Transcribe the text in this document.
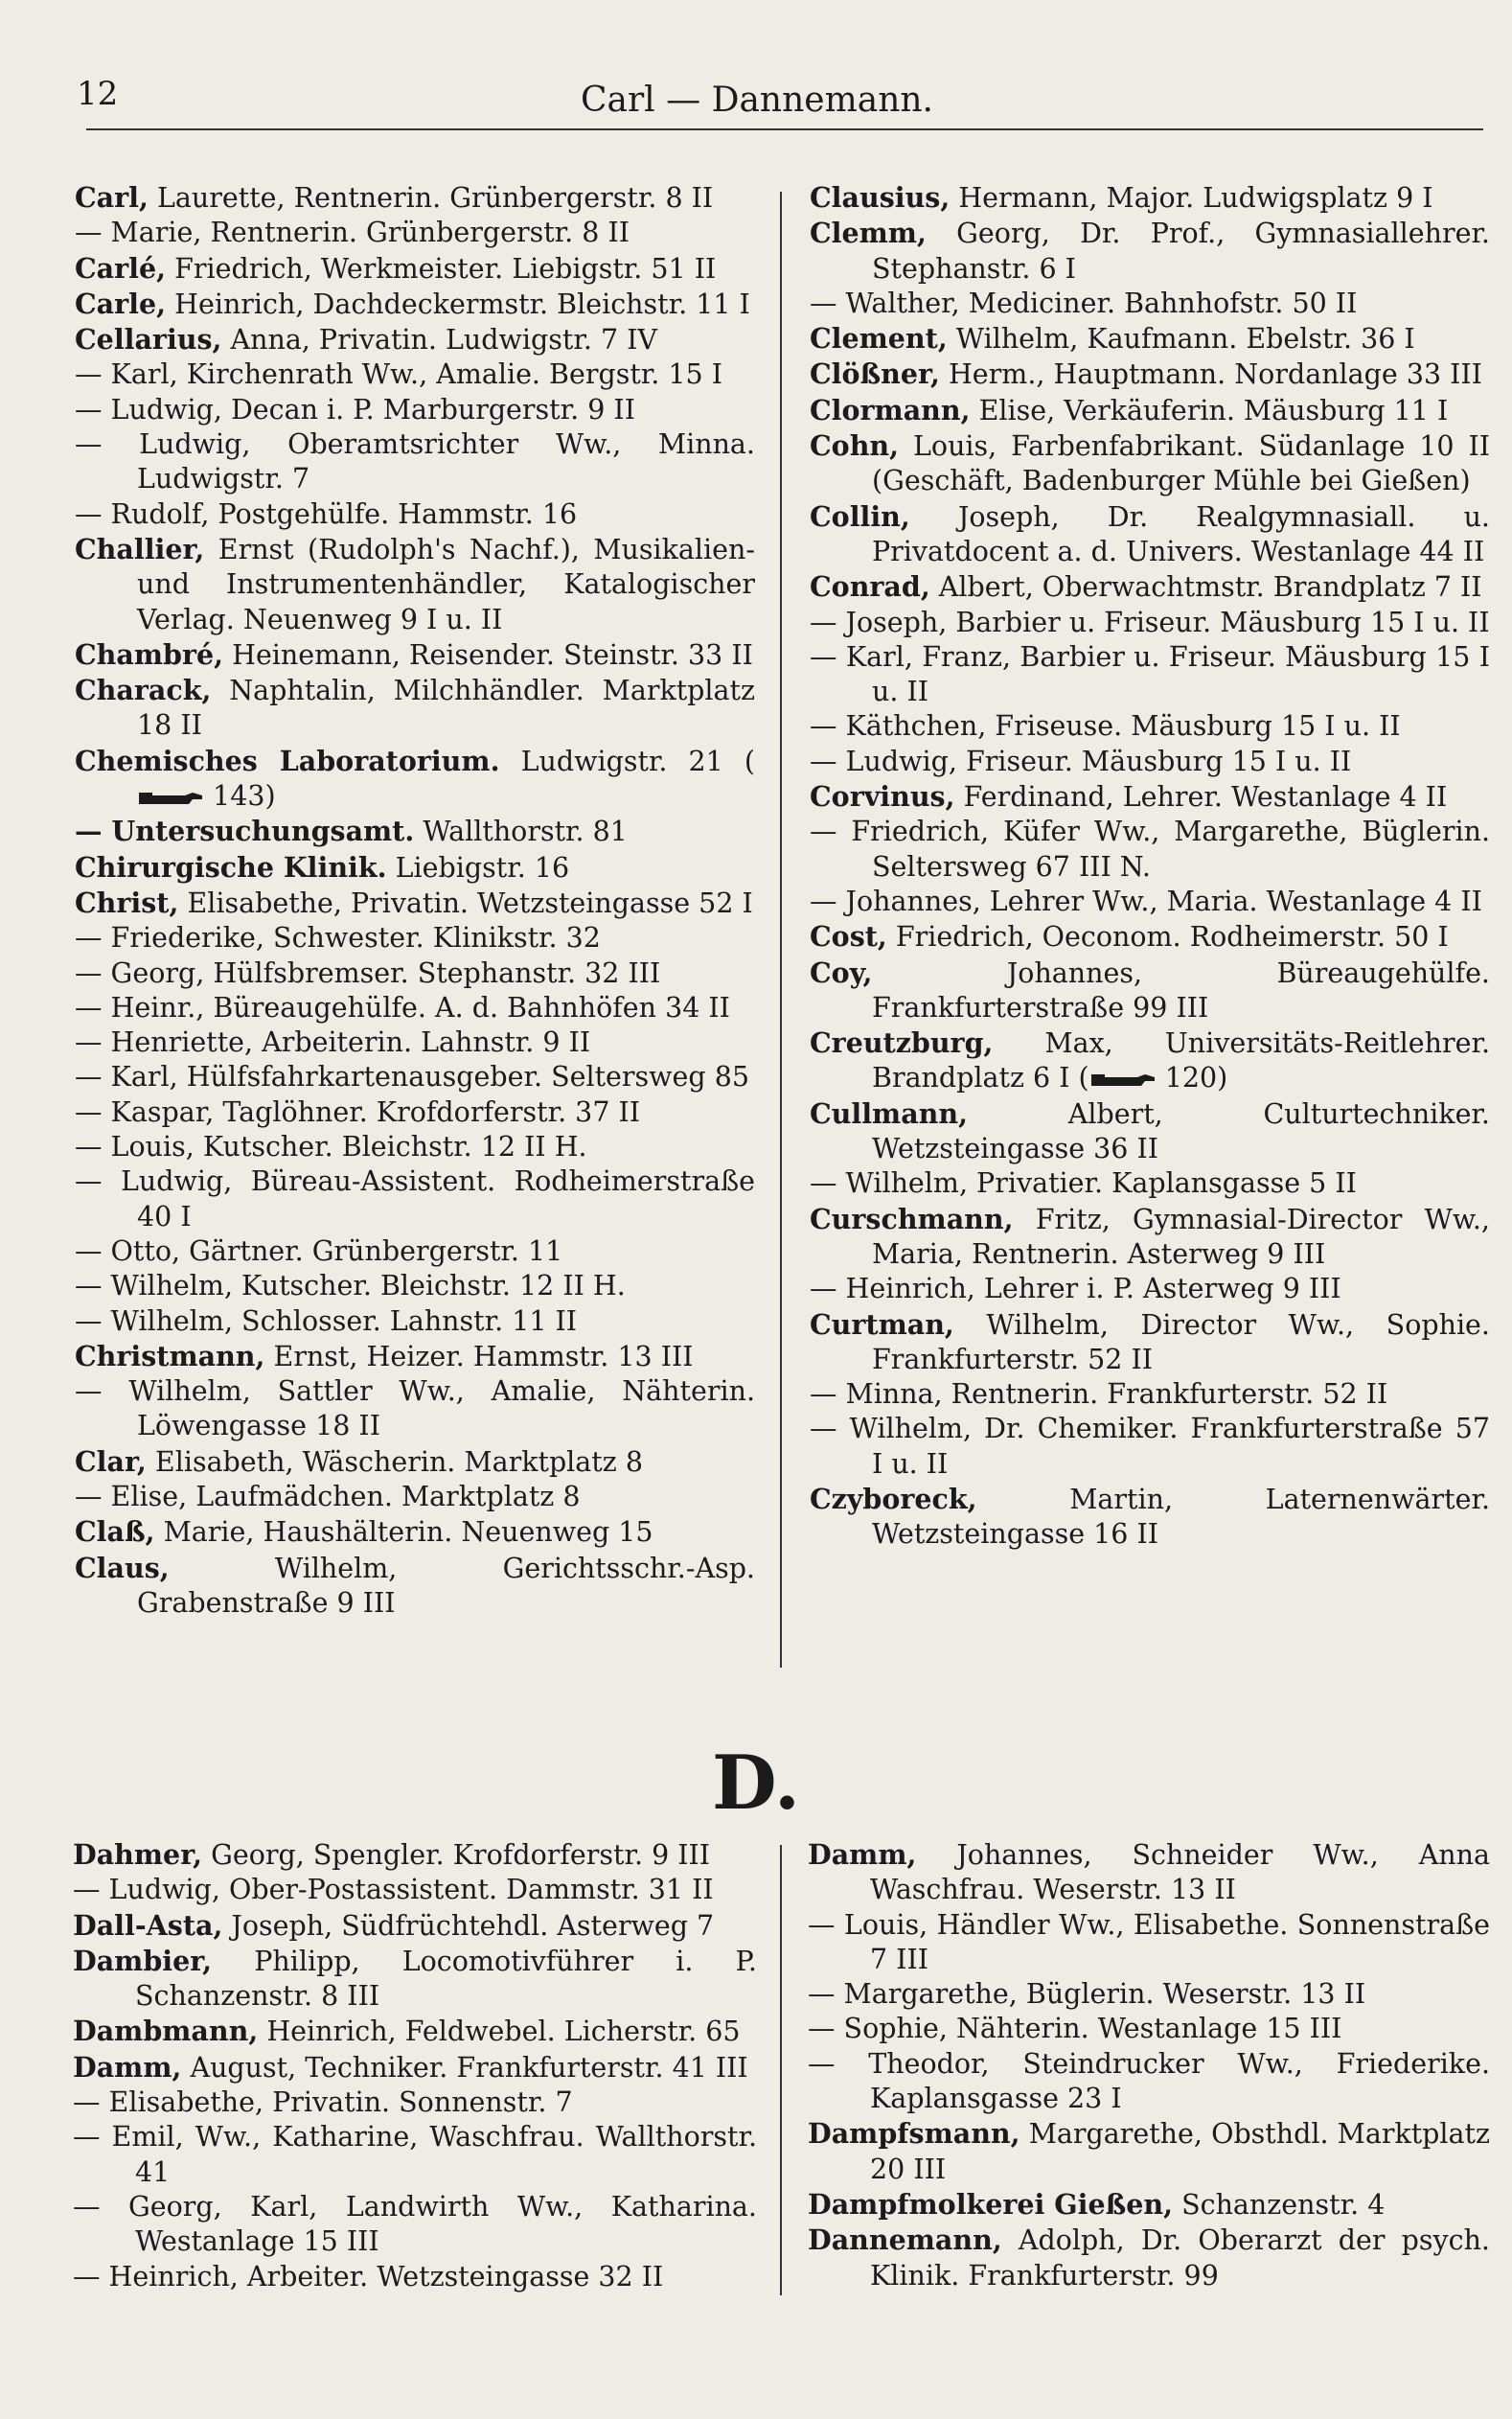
12	Carl — Dannemann.

Carl, Laurette, Rentnerin. Grünbergerstr. 8 II

— Marie, Rentnerin. Grünbergerstr. 8 II

Carlé, Friedrich, Werkmeister. Liebigstr. 51 II

Carle, Heinrich, Dachdeckermstr. Bleichstr. 11 I

Cellarius, Anna, Privatin. Ludwigstr. 7 IV

— Karl, Kirchenrath Ww., Amalie. Bergstr. 15 I

— Ludwig, Decan i. P. Marburgerstr. 9 II

— Ludwig, Oberamtsrichter Ww., Minna. Ludwigstr. 7

— Rudolf, Postgehülfe. Hammstr. 16

Challier, Ernst (Rudolph's Nachf.), Musikalien- und Instrumentenhändler, Katalogischer Verlag. Neuenweg 9 I u. II

Chambré, Heinemann, Reisender. Steinstr. 33 II

Charack, Naphtalin, Milchhändler. Marktplatz 18 II

Chemisches Laboratorium. Ludwigstr. 21 ( 143)

— Untersuchungsamt. Wallthorstr. 81

Chirurgische Klinik. Liebigstr. 16

Christ, Elisabethe, Privatin. Wetzsteingasse 52 I

— Friederike, Schwester. Klinikstr. 32

— Georg, Hülfsbremser. Stephanstr. 32 III

— Heinr., Büreaugehülfe. A. d. Bahnhöfen 34 II

— Henriette, Arbeiterin. Lahnstr. 9 II

— Karl, Hülfsfahrkartenausgeber. Seltersweg 85

— Kaspar, Taglöhner. Krofdorferstr. 37 II

— Louis, Kutscher. Bleichstr. 12 II H.

— Ludwig, Büreau-Assistent. Rodheimerstraße 40 I

— Otto, Gärtner. Grünbergerstr. 11

— Wilhelm, Kutscher. Bleichstr. 12 II H.

— Wilhelm, Schlosser. Lahnstr. 11 II

Christmann, Ernst, Heizer. Hammstr. 13 III

— Wilhelm, Sattler Ww., Amalie, Nähterin. Löwengasse 18 II

Clar, Elisabeth, Wäscherin. Marktplatz 8

— Elise, Laufmädchen. Marktplatz 8

Claß, Marie, Haushälterin. Neuenweg 15

Claus, Wilhelm, Gerichtsschr.-Asp. Grabenstraße 9 III

Clausius, Hermann, Major. Ludwigsplatz 9 I

Clemm, Georg, Dr. Prof., Gymnasiallehrer. Stephanstr. 6 I

— Walther, Mediciner. Bahnhofstr. 50 II

Clement, Wilhelm, Kaufmann. Ebelstr. 36 I

Clößner, Herm., Hauptmann. Nordanlage 33 III

Clormann, Elise, Verkäuferin. Mäusburg 11 I

Cohn, Louis, Farbenfabrikant. Südanlage 10 II (Geschäft, Badenburger Mühle bei Gießen)

Collin, Joseph, Dr. Realgymnasiall. u. Privatdocent a. d. Univers. Westanlage 44 II

Conrad, Albert, Oberwachtmstr. Brandplatz 7 II

— Joseph, Barbier u. Friseur. Mäusburg 15 I u. II

— Karl, Franz, Barbier u. Friseur. Mäusburg 15 I u. II

— Käthchen, Friseuse. Mäusburg 15 I u. II

— Ludwig, Friseur. Mäusburg 15 I u. II

Corvinus, Ferdinand, Lehrer. Westanlage 4 II

— Friedrich, Küfer Ww., Margarethe, Büglerin. Seltersweg 67 III N.

— Johannes, Lehrer Ww., Maria. Westanlage 4 II

Cost, Friedrich, Oeconom. Rodheimerstr. 50 I

Coy, Johannes, Büreaugehülfe. Frankfurterstraße 99 III

Creutzburg, Max, Universitäts-Reitlehrer. Brandplatz 6 I ( 120)

Cullmann, Albert, Culturtechniker. Wetzsteingasse 36 II

— Wilhelm, Privatier. Kaplansgasse 5 II

Curschmann, Fritz, Gymnasial-Director Ww., Maria, Rentnerin. Asterweg 9 III

— Heinrich, Lehrer i. P. Asterweg 9 III

Curtman, Wilhelm, Director Ww., Sophie. Frankfurterstr. 52 II

— Minna, Rentnerin. Frankfurterstr. 52 II

— Wilhelm, Dr. Chemiker. Frankfurterstraße 57 I u. II

Czyboreck, Martin, Laternenwärter. Wetzsteingasse 16 II

D.

Dahmer, Georg, Spengler. Krofdorferstr. 9 III

— Ludwig, Ober-Postassistent. Dammstr. 31 II

Dall-Asta, Joseph, Südfrüchtehdl. Asterweg 7

Dambier, Philipp, Locomotivführer i. P. Schanzenstr. 8 III

Dambmann, Heinrich, Feldwebel. Licherstr. 65

Damm, August, Techniker. Frankfurterstr. 41 III

— Elisabethe, Privatin. Sonnenstr. 7

— Emil, Ww., Katharine, Waschfrau. Wallthorstr. 41

— Georg, Karl, Landwirth Ww., Katharina. Westanlage 15 III

— Heinrich, Arbeiter. Wetzsteingasse 32 II

Damm, Johannes, Schneider Ww., Anna Waschfrau. Weserstr. 13 II

— Louis, Händler Ww., Elisabethe. Sonnenstraße 7 III

— Margarethe, Büglerin. Weserstr. 13 II

— Sophie, Nähterin. Westanlage 15 III

— Theodor, Steindrucker Ww., Friederike. Kaplansgasse 23 I

Dampfsmann, Margarethe, Obsthdl. Marktplatz 20 III

Dampfmolkerei Gießen, Schanzenstr. 4

Dannemann, Adolph, Dr. Oberarzt der psych. Klinik. Frankfurterstr. 99
